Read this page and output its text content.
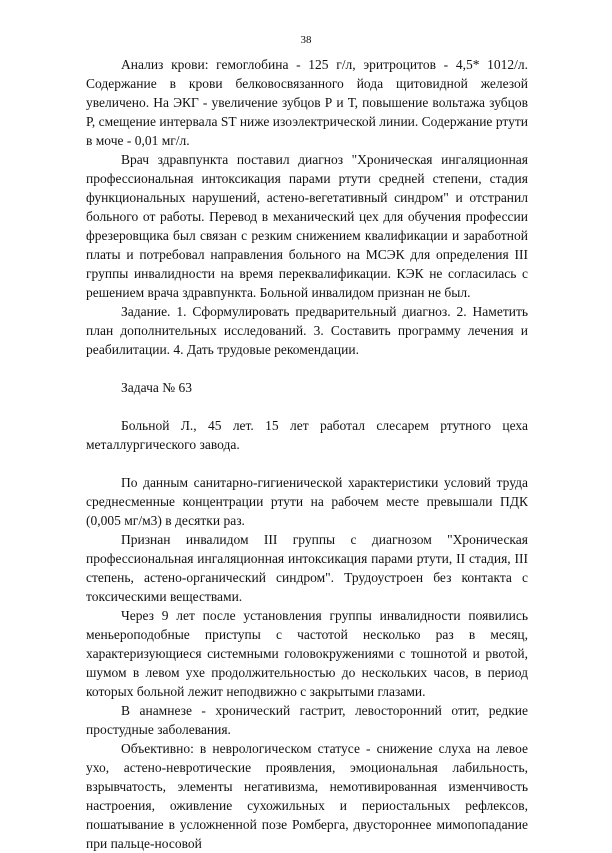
38

Анализ крови: гемоглобина - 125 г/л, эритроцитов - 4,5* 1012/л. Содержание в крови белковосвязанного йода щитовидной железой увеличено. На ЭКГ - увеличение зубцов Р и Т, повышение вольтажа зубцов Р, смещение интервала ST ниже изоэлектрической линии. Содержание ртути в моче - 0,01 мг/л.

Врач здравпункта поставил диагноз "Хроническая ингаляционная профессиональная интоксикация парами ртути средней степени, стадия функциональных нарушений, астено-вегетативный синдром" и отстранил больного от работы. Перевод в механический цех для обучения профессии фрезеровщика был связан с резким снижением квалификации и заработной платы и потребовал направления больного на МСЭК для определения III группы инвалидности на время переквалификации. КЭК не согласилась с решением врача здравпункта. Больной инвалидом признан не был.

Задание. 1. Сформулировать предварительный диагноз. 2. Наметить план дополнительных исследований. 3. Составить программу лечения и реабилитации. 4. Дать трудовые рекомендации.

Задача № 63

Больной Л., 45 лет. 15 лет работал слесарем ртутного цеха металлургического завода.

По данным санитарно-гигиенической характеристики условий труда среднесменные концентрации ртути на рабочем месте превышали ПДК (0,005 мг/м3) в десятки раз.

Признан инвалидом III группы с диагнозом "Хроническая профессиональная ингаляционная интоксикация парами ртути, II стадия, III степень, астено-органический синдром". Трудоустроен без контакта с токсическими веществами.

Через 9 лет после установления группы инвалидности появились меньероподобные приступы с частотой несколько раз в месяц, характеризующиеся системными головокружениями с тошнотой и рвотой, шумом в левом ухе продолжительностью до нескольких часов, в период которых больной лежит неподвижно с закрытыми глазами.

В анамнезе - хронический гастрит, левосторонний отит, редкие простудные заболевания.

Объективно: в неврологическом статусе - снижение слуха на левое ухо, астено-невротические проявления, эмоциональная лабильность, взрывчатость, элементы негативизма, немотивированная изменчивость настроения, оживление сухожильных и периостальных рефлексов, пошатывание в усложненной позе Ромберга, двустороннее мимопопадание при пальце-носовой
